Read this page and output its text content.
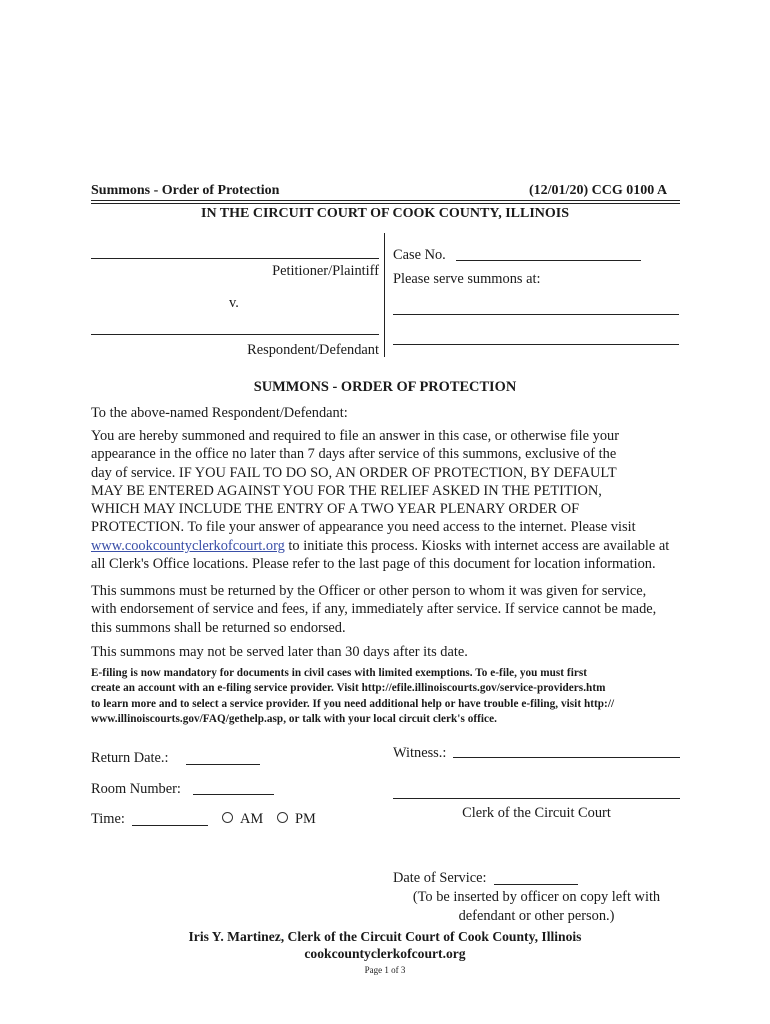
Summons - Order of Protection	(12/01/20) CCG 0100 A
IN THE CIRCUIT COURT OF COOK COUNTY, ILLINOIS
Petitioner/Plaintiff
v.
Respondent/Defendant
Case No.
Please serve summons at:
SUMMONS - ORDER OF PROTECTION
To the above-named Respondent/Defendant:
You are hereby summoned and required to file an answer in this case, or otherwise file your
appearance in the office no later than 7 days after service of this summons, exclusive of the
day of service. IF YOU FAIL TO DO SO, AN ORDER OF PROTECTION, BY DEFAULT
MAY BE ENTERED AGAINST YOU FOR THE RELIEF ASKED IN THE PETITION,
WHICH MAY INCLUDE THE ENTRY OF A TWO YEAR PLENARY ORDER OF
PROTECTION. To file your answer of appearance you need access to the internet. Please visit
www.cookcountyclerkofcourt.org to initiate this process. Kiosks with internet access are available at
all Clerk's Office locations. Please refer to the last page of this document for location information.
This summons must be returned by the Officer or other person to whom it was given for service,
with endorsement of service and fees, if any, immediately after service. If service cannot be made,
this summons shall be returned so endorsed.
This summons may not be served later than 30 days after its date.
E-filing is now mandatory for documents in civil cases with limited exemptions. To e-file, you must first
create an account with an e-filing service provider. Visit http://efile.illinoiscourts.gov/service-providers.htm
to learn more and to select a service provider. If you need additional help or have trouble e-filing, visit http://
www.illinoiscourts.gov/FAQ/gethelp.asp, or talk with your local circuit clerk's office.
Return Date.:
Room Number:
Time:	AM	PM
Witness.:
Clerk of the Circuit Court
Date of Service:
(To be inserted by officer on copy left with
defendant or other person.)
Iris Y. Martinez, Clerk of the Circuit Court of Cook County, Illinois
cookcountyclerkofcourt.org
Page 1 of 3
